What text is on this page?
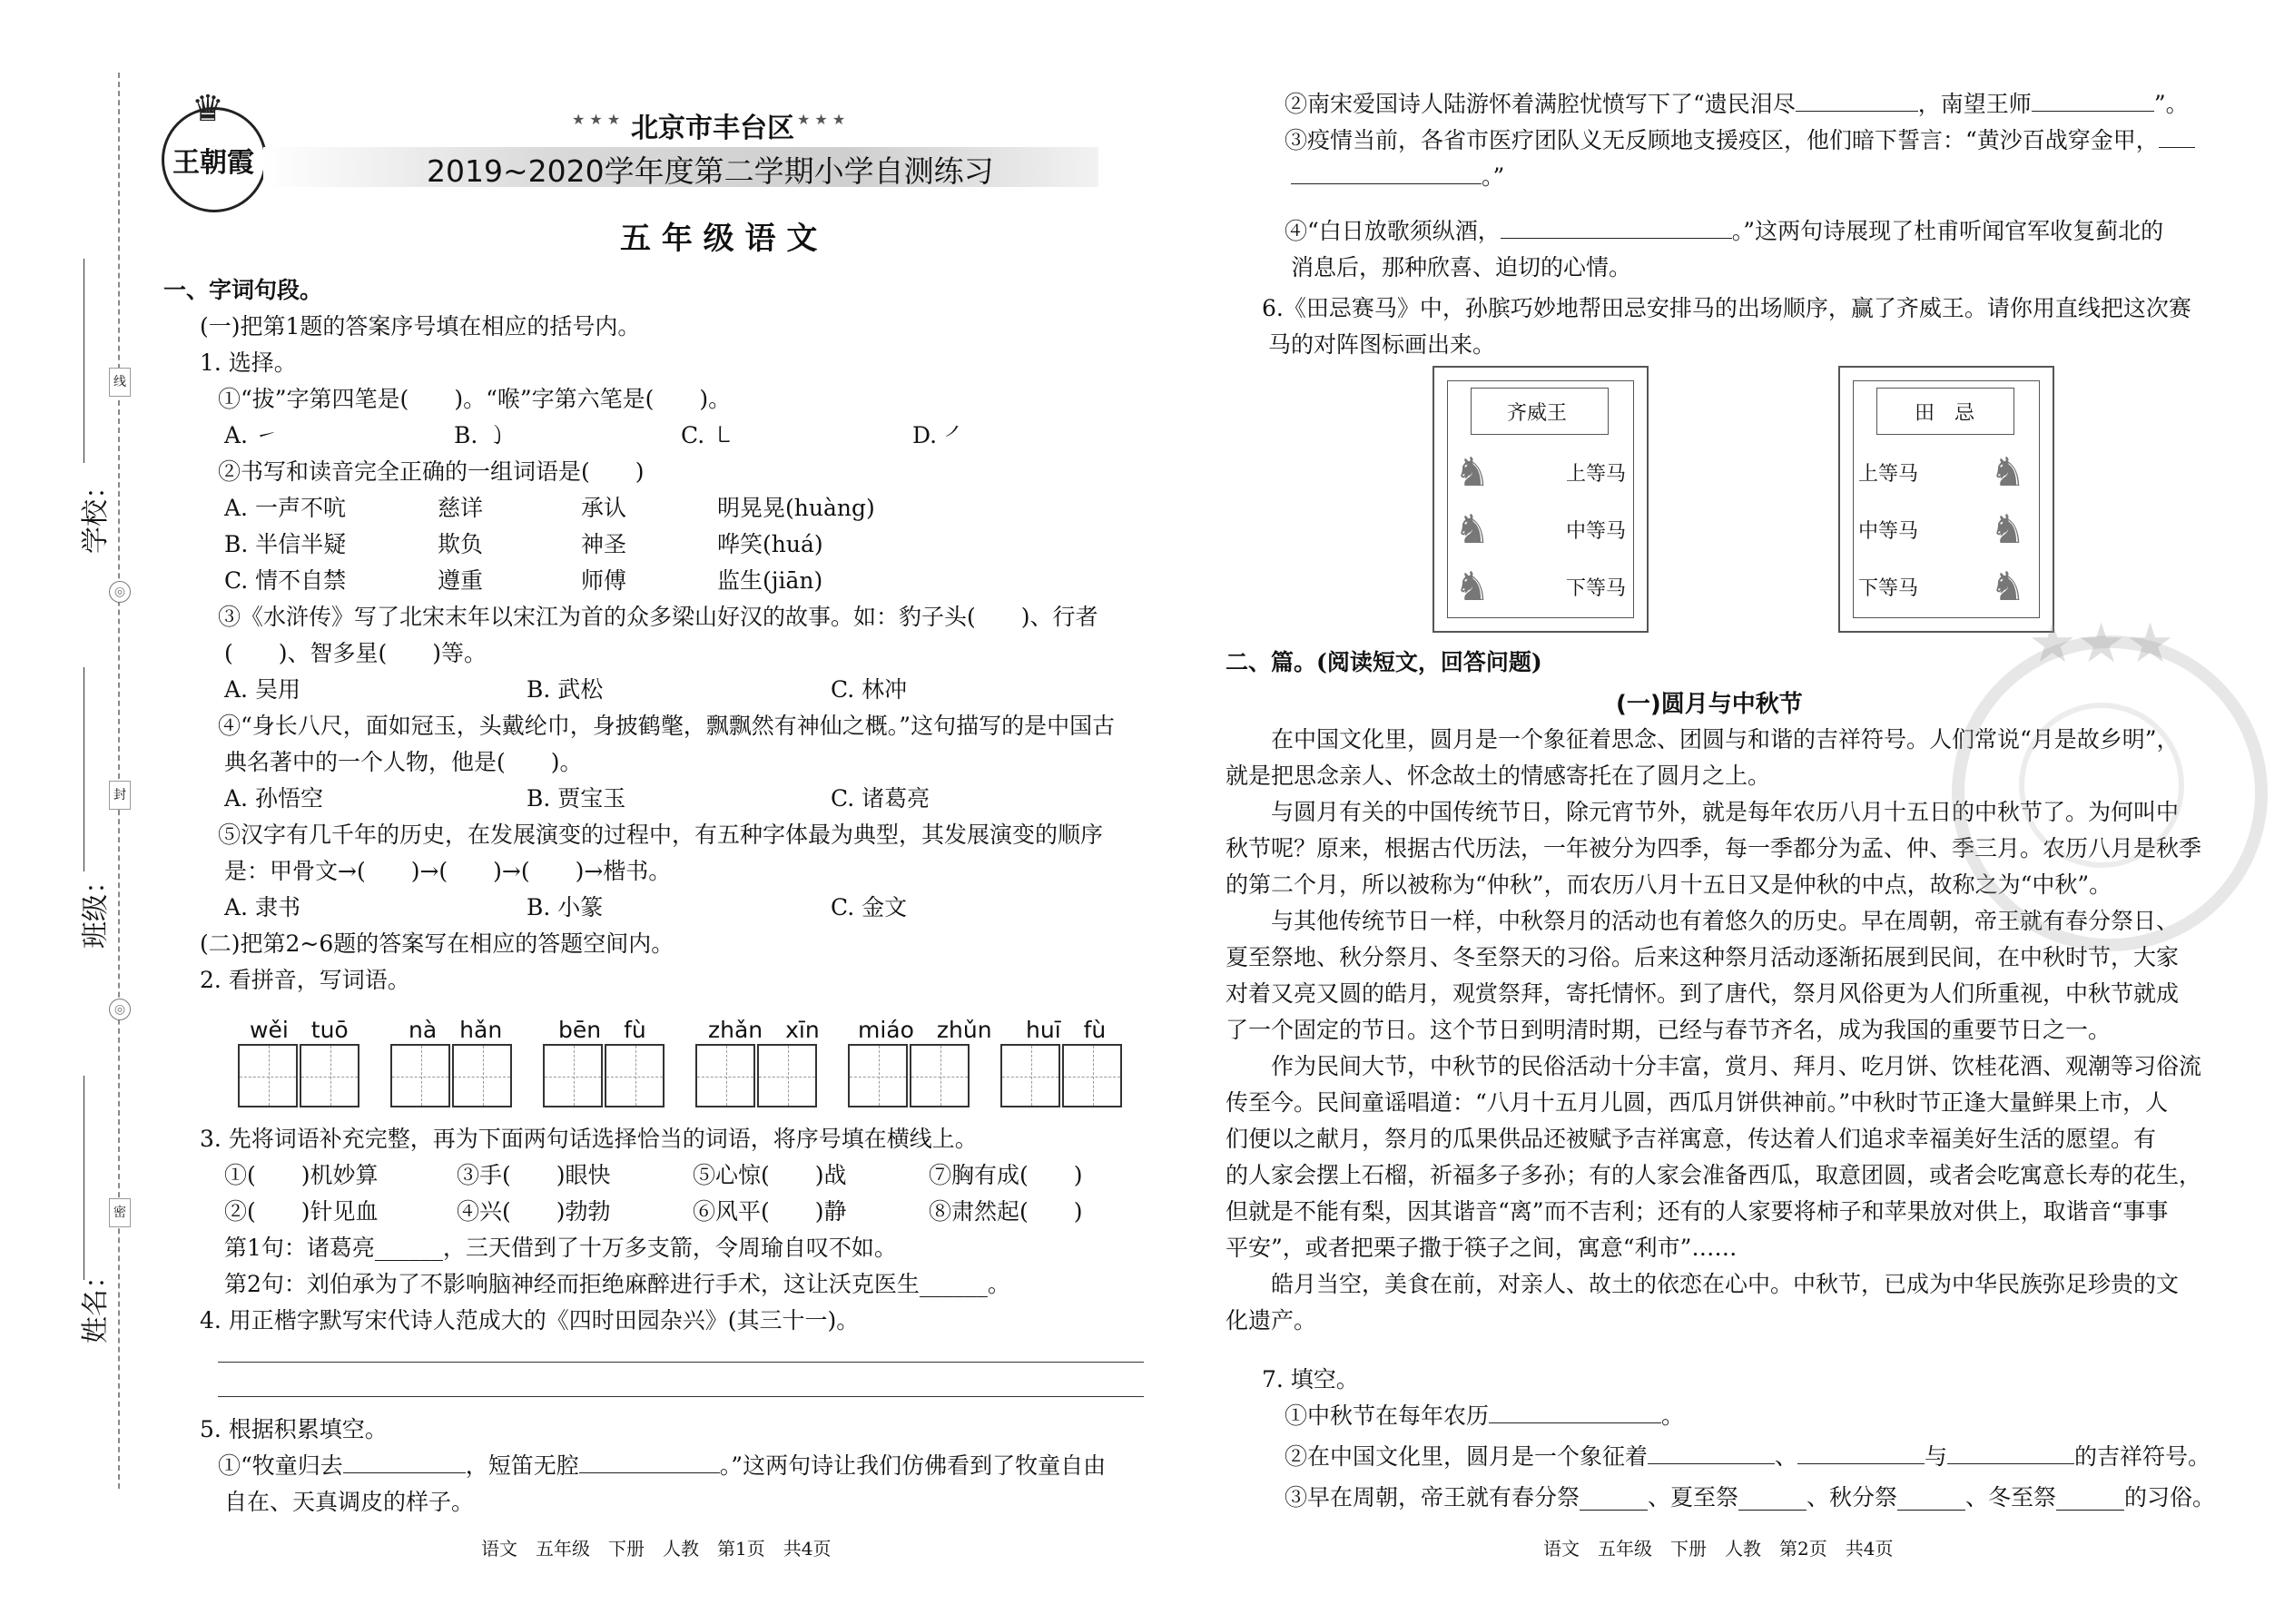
学校：
班级：
姓名：
线
封
密
◎
◎
♛
王朝霞
★ ★ ★ 北京市丰台区 ★ ★ ★
2019~2020学年度第二学期小学自测练习
五 年 级 语 文
一、字词句段。
(一)把第1题的答案序号填在相应的括号内。
1. 选择。
①“拔”字第四笔是(　　)。“喉”字第六笔是(　　)。
A. ㇀	B. ㇁	C. ㇄	D. ㇒
②书写和读音完全正确的一组词语是(　　)
A. 一声不吭	慈详	承认	明晃晃(huàng)
B. 半信半疑	欺负	神圣	哗笑(huá)
C. 情不自禁	遵重	师傅	监生(jiān)
③《水浒传》写了北宋末年以宋江为首的众多梁山好汉的故事。如：豹子头(　　)、行者
(　　)、智多星(　　)等。
A. 吴用	B. 武松	C. 林冲
④“身长八尺，面如冠玉，头戴纶巾，身披鹤氅，飘飘然有神仙之概。”这句描写的是中国古
典名著中的一个人物，他是(　　)。
A. 孙悟空	B. 贾宝玉	C. 诸葛亮
⑤汉字有几千年的历史，在发展演变的过程中，有五种字体最为典型，其发展演变的顺序
是：甲骨文→(　　)→(　　)→(　　)→楷书。
A. 隶书	B. 小篆	C. 金文
(二)把第2~6题的答案写在相应的答题空间内。
2. 看拼音，写词语。
wěi　tuō	nà　hǎn bēn　fù	zhǎn　xīn miáo　zhǔn huī　fù
3. 先将词语补充完整，再为下面两句话选择恰当的词语，将序号填在横线上。
①(　　)机妙算	③手(　　)眼快	⑤心惊(　　)战	⑦胸有成(　　)
②(　　)针见血	④兴(　　)勃勃	⑥风平(　　)静	⑧肃然起(　　)
第1句：诸葛亮______，三天借到了十万多支箭，令周瑜自叹不如。
第2句：刘伯承为了不影响脑神经而拒绝麻醉进行手术，这让沃克医生______。
4. 用正楷字默写宋代诗人范成大的《四时田园杂兴》(其三十一)。
5. 根据积累填空。
①“牧童归去	，短笛无腔	。”这两句诗让我们仿佛看到了牧童自由
自在、天真调皮的样子。
语文　五年级　下册　人教　第1页　共4页
②南宋爱国诗人陆游怀着满腔忧愤写下了“遗民泪尽	，南望王师	”。
③疫情当前，各省市医疗团队义无反顾地支援疫区，他们暗下誓言：“黄沙百战穿金甲，
。”
④“白日放歌须纵酒，	。”这两句诗展现了杜甫听闻官军收复蓟北的
消息后，那种欣喜、迫切的心情。
6.《田忌赛马》中，孙膑巧妙地帮田忌安排马的出场顺序，赢了齐威王。请你用直线把这次赛
马的对阵图标画出来。
齐威王
♞
♞
♞
上等马
中等马
下等马
田　忌
上等马
中等马
下等马
♞
♞
♞
二、篇。(阅读短文，回答问题)
(一)圆月与中秋节
　　在中国文化里，圆月是一个象征着思念、团圆与和谐的吉祥符号。人们常说“月是故乡明”，
就是把思念亲人、怀念故土的情感寄托在了圆月之上。
　　与圆月有关的中国传统节日，除元宵节外，就是每年农历八月十五日的中秋节了。为何叫中
秋节呢？原来，根据古代历法，一年被分为四季，每一季都分为孟、仲、季三月。农历八月是秋季
的第二个月，所以被称为“仲秋”，而农历八月十五日又是仲秋的中点，故称之为“中秋”。
　　与其他传统节日一样，中秋祭月的活动也有着悠久的历史。早在周朝，帝王就有春分祭日、
夏至祭地、秋分祭月、冬至祭天的习俗。后来这种祭月活动逐渐拓展到民间，在中秋时节，大家
对着又亮又圆的皓月，观赏祭拜，寄托情怀。到了唐代，祭月风俗更为人们所重视，中秋节就成
了一个固定的节日。这个节日到明清时期，已经与春节齐名，成为我国的重要节日之一。
　　作为民间大节，中秋节的民俗活动十分丰富，赏月、拜月、吃月饼、饮桂花酒、观潮等习俗流
传至今。民间童谣唱道：“八月十五月儿圆，西瓜月饼供神前。”中秋时节正逢大量鲜果上市，人
们便以之献月，祭月的瓜果供品还被赋予吉祥寓意，传达着人们追求幸福美好生活的愿望。有
的人家会摆上石榴，祈福多子多孙；有的人家会准备西瓜，取意团圆，或者会吃寓意长寿的花生，
但就是不能有梨，因其谐音“离”而不吉利；还有的人家要将柿子和苹果放对供上，取谐音“事事
平安”，或者把栗子撒于筷子之间，寓意“利市”……
　　皓月当空，美食在前，对亲人、故土的依恋在心中。中秋节，已成为中华民族弥足珍贵的文
化遗产。
7. 填空。
①中秋节在每年农历	。
②在中国文化里，圆月是一个象征着	、	与	的吉祥符号。
③早在周朝，帝王就有春分祭______、夏至祭______、秋分祭______、冬至祭______的习俗。
语文　五年级　下册　人教　第2页　共4页
★★★
